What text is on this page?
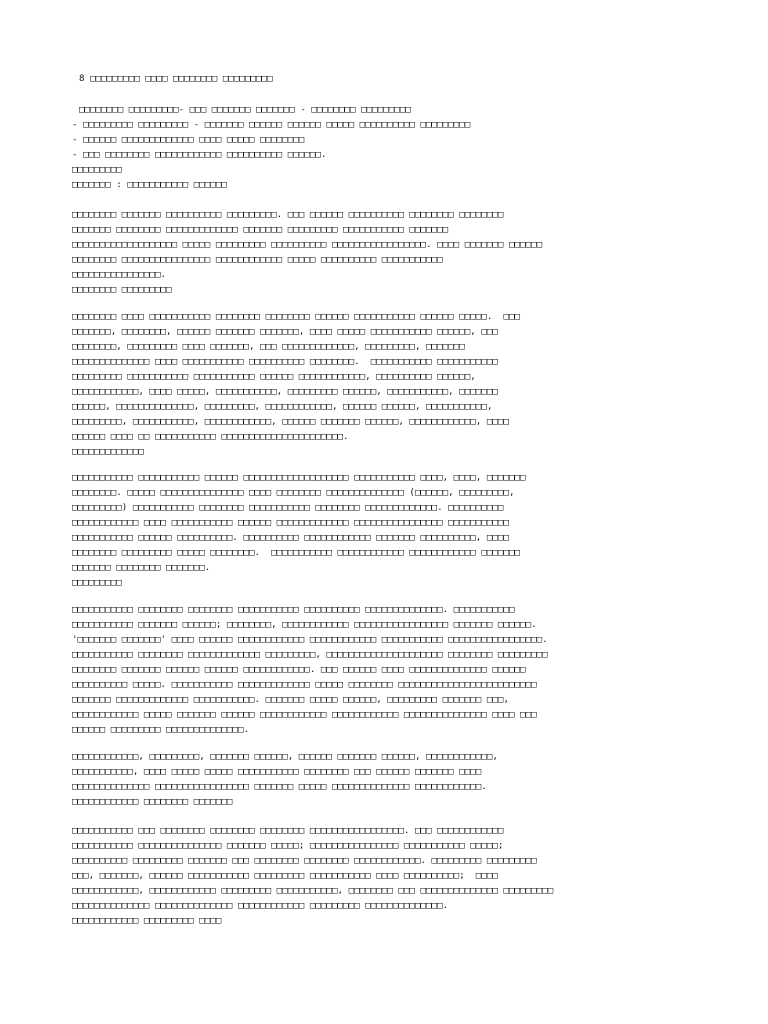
8 □□□□□□□□□ □□□□ □□□□□□□□ □□□□□□□□□
□□□□□□□□ □□□□□□□□□- □□□ □□□□□□□ □□□□□□□ - □□□□□□□□ □□□□□□□□□
- □□□□□□□□□ □□□□□□□□□ - □□□□□□□ □□□□□□ □□□□□□ □□□□□ □□□□□□□□□□ □□□□□□□□□
- □□□□□□ □□□□□□□□□□□□□ □□□□ □□□□□ □□□□□□□□
- □□□ □□□□□□□□ □□□□□□□□□□□□ □□□□□□□□□□ □□□□□□.
□□□□□□□□□
□□□□□□□ : □□□□□□□□□□□ □□□□□□
□□□□□□□□ □□□□□□□ □□□□□□□□□□ □□□□□□□□□. □□□ □□□□□□ □□□□□□□□□□ □□□□□□□□ □□□□□□□□
□□□□□□□ □□□□□□□□ □□□□□□□□□□□□□ □□□□□□□ □□□□□□□□□ □□□□□□□□□□□ □□□□□□□
□□□□□□□□□□□□□□□□□□□ □□□□□ □□□□□□□□□ □□□□□□□□□□ □□□□□□□□□□□□□□□□□. □□□□ □□□□□□□ □□□□□□
□□□□□□□□ □□□□□□□□□□□□□□□□ □□□□□□□□□□□□ □□□□□ □□□□□□□□□□ □□□□□□□□□□□
□□□□□□□□□□□□□□□□.
□□□□□□□□ □□□□□□□□□
□□□□□□□□ □□□□ □□□□□□□□□□□ □□□□□□□□ □□□□□□□□ □□□□□□ □□□□□□□□□□□ □□□□□□ □□□□□.  □□□
□□□□□□□, □□□□□□□□, □□□□□□ □□□□□□□ □□□□□□□, □□□□ □□□□□ □□□□□□□□□□□ □□□□□□, □□□
□□□□□□□□, □□□□□□□□□ □□□□ □□□□□□□, □□□ □□□□□□□□□□□□□, □□□□□□□□□, □□□□□□□
□□□□□□□□□□□□□□ □□□□ □□□□□□□□□□□ □□□□□□□□□□ □□□□□□□□.  □□□□□□□□□□□ □□□□□□□□□□□
□□□□□□□□□ □□□□□□□□□□□ □□□□□□□□□□□ □□□□□□ □□□□□□□□□□□□, □□□□□□□□□□ □□□□□□,
□□□□□□□□□□□□, □□□□ □□□□□, □□□□□□□□□□□, □□□□□□□□□ □□□□□□, □□□□□□□□□□□, □□□□□□□
□□□□□□, □□□□□□□□□□□□□□, □□□□□□□□□, □□□□□□□□□□□□, □□□□□□ □□□□□□, □□□□□□□□□□□,
□□□□□□□□□, □□□□□□□□□□□, □□□□□□□□□□□□, □□□□□□ □□□□□□□ □□□□□□, □□□□□□□□□□□□, □□□□
□□□□□□ □□□□ □□ □□□□□□□□□□□ □□□□□□□□□□□□□□□□□□□□□□.
□□□□□□□□□□□□□
□□□□□□□□□□□ □□□□□□□□□□□ □□□□□□ □□□□□□□□□□□□□□□□□□□ □□□□□□□□□□□ □□□□, □□□□, □□□□□□□
□□□□□□□□. □□□□□ □□□□□□□□□□□□□□□ □□□□ □□□□□□□□ □□□□□□□□□□□□□□ (□□□□□□, □□□□□□□□□,
□□□□□□□□□) □□□□□□□□□□□ □□□□□□□□ □□□□□□□□□□□ □□□□□□□□ □□□□□□□□□□□□□. □□□□□□□□□□
□□□□□□□□□□□□ □□□□ □□□□□□□□□□□ □□□□□□ □□□□□□□□□□□□□ □□□□□□□□□□□□□□□□ □□□□□□□□□□□
□□□□□□□□□□□ □□□□□□ □□□□□□□□□□. □□□□□□□□□□ □□□□□□□□□□□□ □□□□□□□ □□□□□□□□□□, □□□□
□□□□□□□□ □□□□□□□□□ □□□□□ □□□□□□□□.  □□□□□□□□□□□ □□□□□□□□□□□□ □□□□□□□□□□□□ □□□□□□□
□□□□□□□ □□□□□□□□ □□□□□□□.
□□□□□□□□□
□□□□□□□□□□□ □□□□□□□□ □□□□□□□□ □□□□□□□□□□□ □□□□□□□□□□ □□□□□□□□□□□□□□. □□□□□□□□□□□
□□□□□□□□□□□ □□□□□□□ □□□□□□; □□□□□□□□, □□□□□□□□□□□□ □□□□□□□□□□□□□□□□□ □□□□□□□ □□□□□□.
'□□□□□□□ □□□□□□□' □□□□ □□□□□□ □□□□□□□□□□□□ □□□□□□□□□□□□ □□□□□□□□□□□ □□□□□□□□□□□□□□□□□.
□□□□□□□□□□□ □□□□□□□□ □□□□□□□□□□□□□ □□□□□□□□□, □□□□□□□□□□□□□□□□□□□□□ □□□□□□□□ □□□□□□□□□
□□□□□□□□ □□□□□□□ □□□□□□ □□□□□□ □□□□□□□□□□□□. □□□ □□□□□□ □□□□ □□□□□□□□□□□□□□ □□□□□□
□□□□□□□□□□ □□□□□. □□□□□□□□□□□ □□□□□□□□□□□□□ □□□□□ □□□□□□□□ □□□□□□□□□□□□□□□□□□□□□□□□□
□□□□□□□ □□□□□□□□□□□□□ □□□□□□□□□□□. □□□□□□□ □□□□□ □□□□□□, □□□□□□□□□ □□□□□□□ □□□,
□□□□□□□□□□□□ □□□□□ □□□□□□□ □□□□□□ □□□□□□□□□□□□ □□□□□□□□□□□□ □□□□□□□□□□□□□□□ □□□□ □□□
□□□□□□ □□□□□□□□□ □□□□□□□□□□□□□□.
□□□□□□□□□□□□, □□□□□□□□□, □□□□□□□ □□□□□□, □□□□□□ □□□□□□□ □□□□□□, □□□□□□□□□□□□,
□□□□□□□□□□□, □□□□ □□□□□ □□□□□ □□□□□□□□□□□ □□□□□□□□ □□□ □□□□□□ □□□□□□□ □□□□
□□□□□□□□□□□□□□ □□□□□□□□□□□□□□□□□ □□□□□□□ □□□□□ □□□□□□□□□□□□□□ □□□□□□□□□□□□.
□□□□□□□□□□□□ □□□□□□□□ □□□□□□□
□□□□□□□□□□□ □□□ □□□□□□□□ □□□□□□□□ □□□□□□□□ □□□□□□□□□□□□□□□□□. □□□ □□□□□□□□□□□□
□□□□□□□□□□□ □□□□□□□□□□□□□□□ □□□□□□□ □□□□□; □□□□□□□□□□□□□□□□ □□□□□□□□□□□ □□□□□;
□□□□□□□□□□ □□□□□□□□□ □□□□□□□ □□□ □□□□□□□□ □□□□□□□□ □□□□□□□□□□□□. □□□□□□□□□ □□□□□□□□□
□□□, □□□□□□□, □□□□□□ □□□□□□□□□□□ □□□□□□□□□ □□□□□□□□□□□ □□□□ □□□□□□□□□□;  □□□□
□□□□□□□□□□□□, □□□□□□□□□□□□ □□□□□□□□□ □□□□□□□□□□□, □□□□□□□□ □□□ □□□□□□□□□□□□□□ □□□□□□□□□
□□□□□□□□□□□□□□ □□□□□□□□□□□□□□ □□□□□□□□□□□□ □□□□□□□□□ □□□□□□□□□□□□□□.
□□□□□□□□□□□□ □□□□□□□□□ □□□□
